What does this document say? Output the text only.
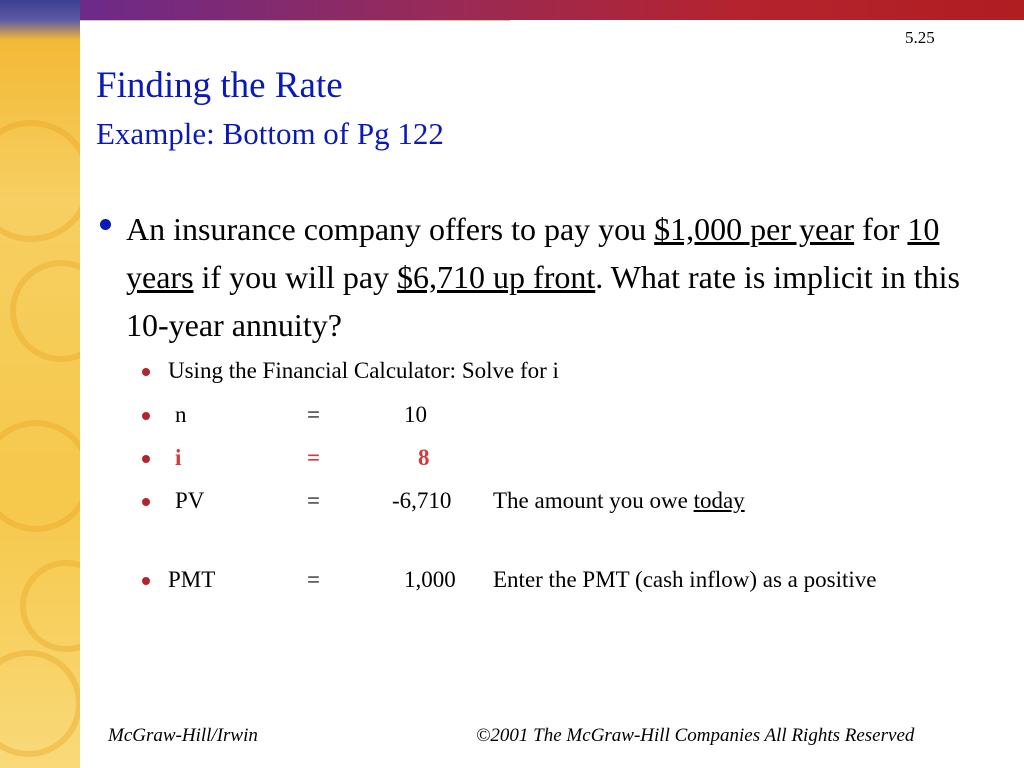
5.25
Finding the Rate
Example: Bottom of Pg 122
An insurance company offers to pay you $1,000 per year for 10 years if you will pay $6,710 up front. What rate is implicit in this 10-year annuity?
Using the Financial Calculator: Solve for i
n	=	10
i	=	8
PV	=	-6,710 The amount you owe today
PMT	=	1,000 Enter the PMT (cash inflow) as a positive
McGraw-Hill/Irwin	©2001 The McGraw-Hill Companies All Rights Reserved
